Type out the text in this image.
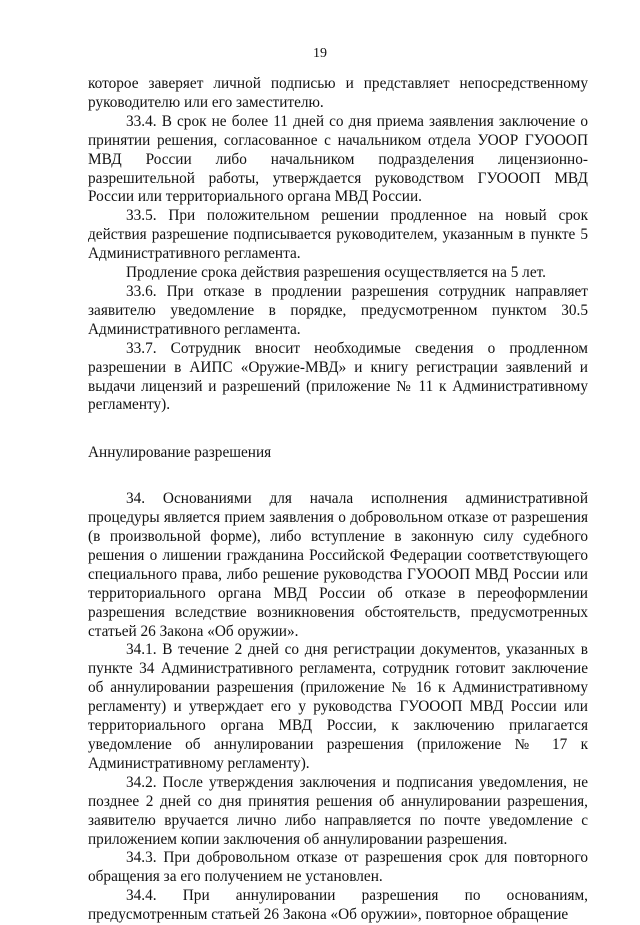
19

которое заверяет личной подписью и представляет непосредственному руководителю или его заместителю.

33.4. В срок не более 11 дней со дня приема заявления заключение о принятии решения, согласованное с начальником отдела УООР ГУОООП МВД России либо начальником подразделения лицензионно-разрешительной работы, утверждается руководством ГУОООП МВД России или территориального органа МВД России.

33.5. При положительном решении продленное на новый срок действия разрешение подписывается руководителем, указанным в пункте 5 Административного регламента.

Продление срока действия разрешения осуществляется на 5 лет.

33.6. При отказе в продлении разрешения сотрудник направляет заявителю уведомление в порядке, предусмотренном пунктом 30.5 Административного регламента.

33.7. Сотрудник вносит необходимые сведения о продленном разрешении в АИПС «Оружие-МВД» и книгу регистрации заявлений и выдачи лицензий и разрешений (приложение № 11 к Административному регламенту).

Аннулирование разрешения

34. Основаниями для начала исполнения административной процедуры является прием заявления о добровольном отказе от разрешения (в произвольной форме), либо вступление в законную силу судебного решения о лишении гражданина Российской Федерации соответствующего специального права, либо решение руководства ГУОООП МВД России или территориального органа МВД России об отказе в переоформлении разрешения вследствие возникновения обстоятельств, предусмотренных статьей 26 Закона «Об оружии».

34.1. В течение 2 дней со дня регистрации документов, указанных в пункте 34 Административного регламента, сотрудник готовит заключение об аннулировании разрешения (приложение № 16 к Административному регламенту) и утверждает его у руководства ГУОООП МВД России или территориального органа МВД России, к заключению прилагается уведомление об аннулировании разрешения (приложение № 17 к Административному регламенту).

34.2. После утверждения заключения и подписания уведомления, не позднее 2 дней со дня принятия решения об аннулировании разрешения, заявителю вручается лично либо направляется по почте уведомление с приложением копии заключения об аннулировании разрешения.

34.3. При добровольном отказе от разрешения срок для повторного обращения за его получением не установлен.

34.4. При аннулировании разрешения по основаниям, предусмотренным статьей 26 Закона «Об оружии», повторное обращение
